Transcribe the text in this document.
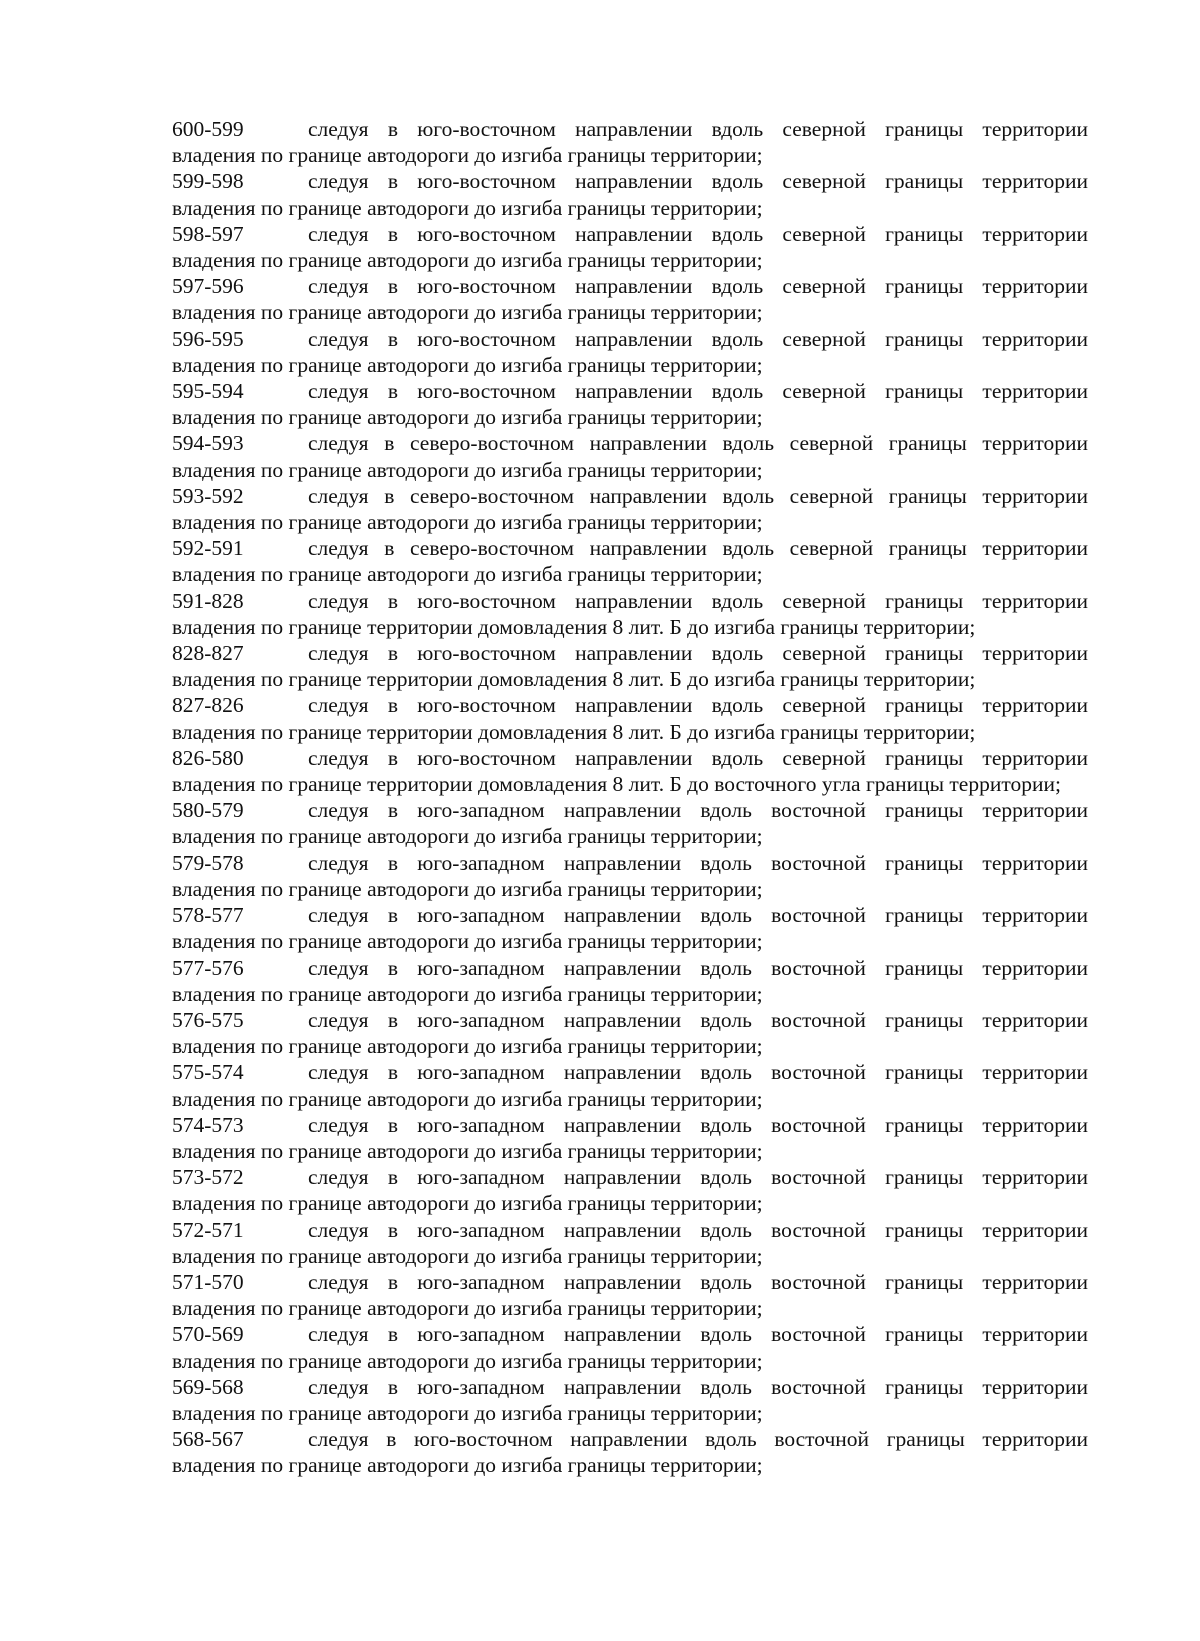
600-599	следуя в юго-восточном направлении вдоль северной границы территории
владения по границе автодороги до изгиба границы территории;
599-598	следуя в юго-восточном направлении вдоль северной границы территории
владения по границе автодороги до изгиба границы территории;
598-597	следуя в юго-восточном направлении вдоль северной границы территории
владения по границе автодороги до изгиба границы территории;
597-596	следуя в юго-восточном направлении вдоль северной границы территории
владения по границе автодороги до изгиба границы территории;
596-595	следуя в юго-восточном направлении вдоль северной границы территории
владения по границе автодороги до изгиба границы территории;
595-594	следуя в юго-восточном направлении вдоль северной границы территории
владения по границе автодороги до изгиба границы территории;
594-593	следуя в северо-восточном направлении вдоль северной границы территории
владения по границе автодороги до изгиба границы территории;
593-592	следуя в северо-восточном направлении вдоль северной границы территории
владения по границе автодороги до изгиба границы территории;
592-591	следуя в северо-восточном направлении вдоль северной границы территории
владения по границе автодороги до изгиба границы территории;
591-828	следуя в юго-восточном направлении вдоль северной границы территории
владения по границе территории домовладения 8 лит. Б до изгиба границы территории;
828-827	следуя в юго-восточном направлении вдоль северной границы территории
владения по границе территории домовладения 8 лит. Б до изгиба границы территории;
827-826	следуя в юго-восточном направлении вдоль северной границы территории
владения по границе территории домовладения 8 лит. Б до изгиба границы территории;
826-580	следуя в юго-восточном направлении вдоль северной границы территории
владения по границе территории домовладения 8 лит. Б до восточного угла границы территории;
580-579	следуя в юго-западном направлении вдоль восточной границы территории
владения по границе автодороги до изгиба границы территории;
579-578	следуя в юго-западном направлении вдоль восточной границы территории
владения по границе автодороги до изгиба границы территории;
578-577	следуя в юго-западном направлении вдоль восточной границы территории
владения по границе автодороги до изгиба границы территории;
577-576	следуя в юго-западном направлении вдоль восточной границы территории
владения по границе автодороги до изгиба границы территории;
576-575	следуя в юго-западном направлении вдоль восточной границы территории
владения по границе автодороги до изгиба границы территории;
575-574	следуя в юго-западном направлении вдоль восточной границы территории
владения по границе автодороги до изгиба границы территории;
574-573	следуя в юго-западном направлении вдоль восточной границы территории
владения по границе автодороги до изгиба границы территории;
573-572	следуя в юго-западном направлении вдоль восточной границы территории
владения по границе автодороги до изгиба границы территории;
572-571	следуя в юго-западном направлении вдоль восточной границы территории
владения по границе автодороги до изгиба границы территории;
571-570	следуя в юго-западном направлении вдоль восточной границы территории
владения по границе автодороги до изгиба границы территории;
570-569	следуя в юго-западном направлении вдоль восточной границы территории
владения по границе автодороги до изгиба границы территории;
569-568	следуя в юго-западном направлении вдоль восточной границы территории
владения по границе автодороги до изгиба границы территории;
568-567	следуя в юго-восточном направлении вдоль восточной границы территории
владения по границе автодороги до изгиба границы территории;
